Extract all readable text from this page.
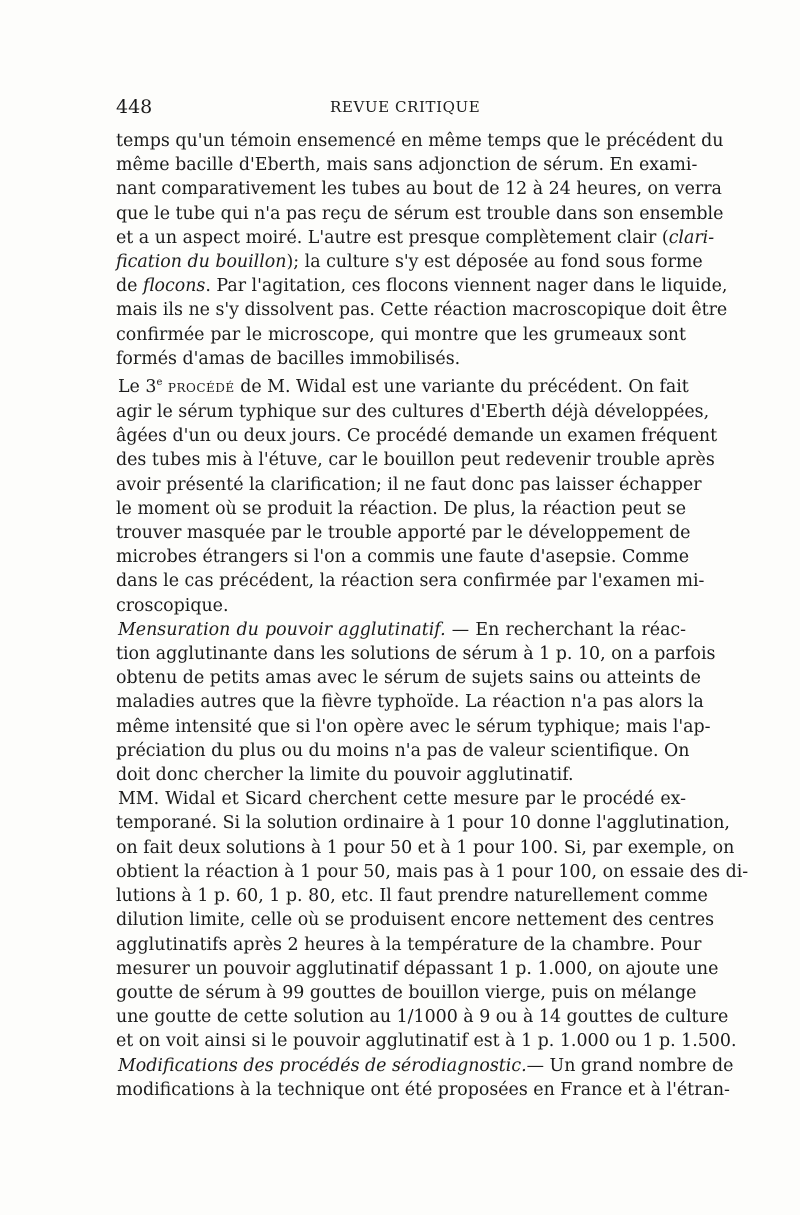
448	REVUE CRITIQUE

temps qu'un témoin ensemencé en même temps que le précédent du
même bacille d'Eberth, mais sans adjonction de sérum. En exami-
nant comparativement les tubes au bout de 12 à 24 heures, on verra
que le tube qui n'a pas reçu de sérum est trouble dans son ensemble
et a un aspect moiré. L'autre est presque complètement clair (clari-
fication du bouillon); la culture s'y est déposée au fond sous forme
de flocons. Par l'agitation, ces flocons viennent nager dans le liquide,
mais ils ne s'y dissolvent pas. Cette réaction macroscopique doit être
confirmée par le microscope, qui montre que les grumeaux sont
formés d'amas de bacilles immobilisés.

Le 3e PROCÉDÉ de M. Widal est une variante du précédent. On fait
agir le sérum typhique sur des cultures d'Eberth déjà développées,
âgées d'un ou deux jours. Ce procédé demande un examen fréquent
des tubes mis à l'étuve, car le bouillon peut redevenir trouble après
avoir présenté la clarification; il ne faut donc pas laisser échapper
le moment où se produit la réaction. De plus, la réaction peut se
trouver masquée par le trouble apporté par le développement de
microbes étrangers si l'on a commis une faute d'asepsie. Comme
dans le cas précédent, la réaction sera confirmée par l'examen mi-
croscopique.

Mensuration du pouvoir agglutinatif. — En recherchant la réac-
tion agglutinante dans les solutions de sérum à 1 p. 10, on a parfois
obtenu de petits amas avec le sérum de sujets sains ou atteints de
maladies autres que la fièvre typhoïde. La réaction n'a pas alors la
même intensité que si l'on opère avec le sérum typhique; mais l'ap-
préciation du plus ou du moins n'a pas de valeur scientifique. On
doit donc chercher la limite du pouvoir agglutinatif.

MM. Widal et Sicard cherchent cette mesure par le procédé ex-
temporané. Si la solution ordinaire à 1 pour 10 donne l'agglutination,
on fait deux solutions à 1 pour 50 et à 1 pour 100. Si, par exemple, on
obtient la réaction à 1 pour 50, mais pas à 1 pour 100, on essaie des di-
lutions à 1 p. 60, 1 p. 80, etc. Il faut prendre naturellement comme
dilution limite, celle où se produisent encore nettement des centres
agglutinatifs après 2 heures à la température de la chambre. Pour
mesurer un pouvoir agglutinatif dépassant 1 p. 1.000, on ajoute une
goutte de sérum à 99 gouttes de bouillon vierge, puis on mélange
une goutte de cette solution au 1/1000 à 9 ou à 14 gouttes de culture
et on voit ainsi si le pouvoir agglutinatif est à 1 p. 1.000 ou 1 p. 1.500.

Modifications des procédés de sérodiagnostic.— Un grand nombre de
modifications à la technique ont été proposées en France et à l'étran-
